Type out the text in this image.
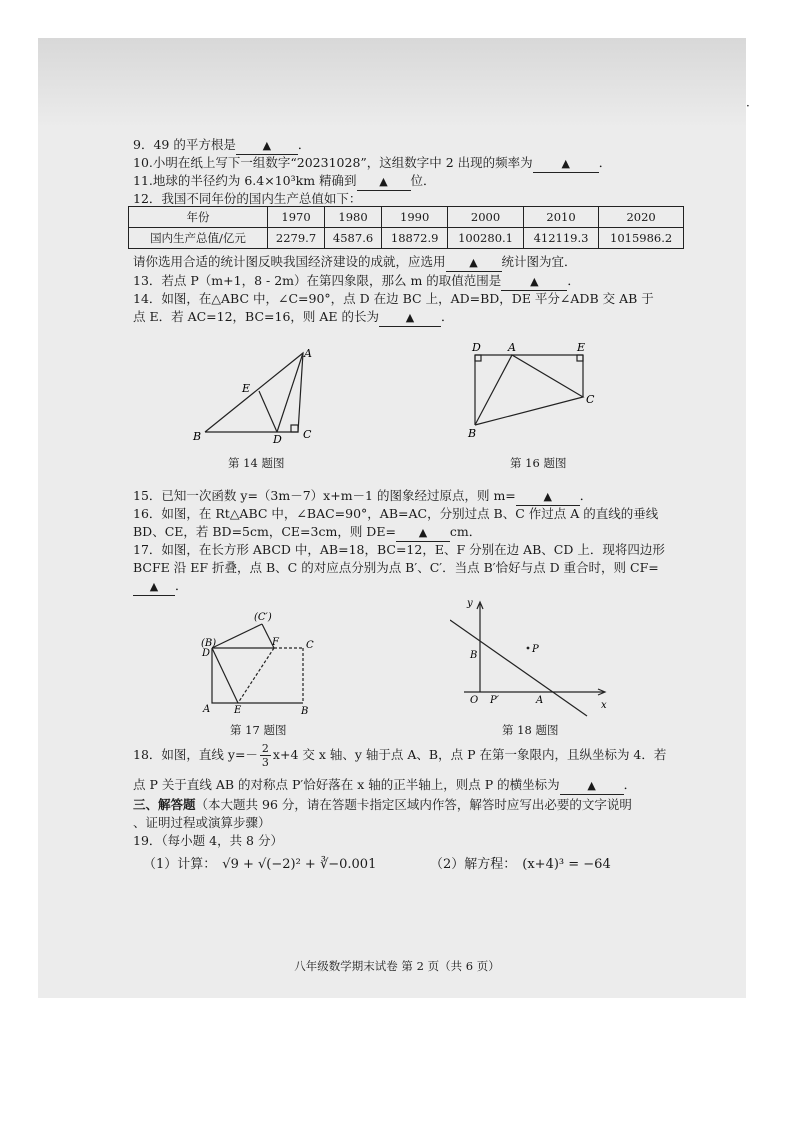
·
9．49 的平方根是 ▲ ．
10.小明在纸上写下一组数字“20231028”，这组数字中 2 出现的频率为	▲ ．
11.地球的半径约为 6.4×10³km 精确到 ▲ 位．
12．我国不同年份的国内生产总值如下：
年份	1970	1980	1990	2000	2010	2020
国内生产总值/亿元	2279.7	4587.6	18872.9	100280.1	412119.3	1015986.2
请你选用合适的统计图反映我国经济建设的成就，应选用 ▲ 统计图为宜．
13．若点 P（m+1，8 - 2m）在第四象限，那么 m 的取值范围是	▲ ．
14．如图，在△ABC 中，∠C=90°，点 D 在边 BC 上，AD=BD，DE 平分∠ADB 交 AB 于
点 E．若 AC=12，BC=16，则 AE 的长为 ▲ ．
A
B	C
D
E
第 14 题图
D A	E
C
B
第 16 题图
15．已知一次函数 y=（3m－7）x+m－1 的图象经过原点，则 m=	▲ ．
16．如图，在 Rt△ABC 中，∠BAC=90°，AB=AC，分别过点 B、C 作过点 A 的直线的垂线
BD、CE，若 BD=5cm，CE=3cm，则 DE= ▲ cm．
17．如图，在长方形 ABCD 中，AB=18，BC=12，E、F 分别在边 AB、CD 上．现将四边形
BCFE 沿 EF 折叠，点 B、C 的对应点分别为点 B′、C′．当点 B′恰好与点 D 重合时，则 CF=
▲ ．
(B)
D
(C′)
F	C
A E	B
第 17 题图
y
x
O P′	A
B
P
第 18 题图
18．如图，直线 $y=- \frac{2}{3} x+4$ 交 x 轴、y 轴于点 A、B，点 P 在第一象限内，且纵坐标为 4．若
点 P 关于直线 AB 的对称点 P′恰好落在 x 轴的正半轴上，则点 P 的横坐标为	▲ ．
三、解答题（本大题共 96 分，请在答题卡指定区域内作答，解答时应写出必要的文字说明
、证明过程或演算步骤）
19．（每小题 4，共 8 分）
（1）计算： √9 + √(−2)² + ∛−0.001	（2）解方程： (x+4)³ = −64
八年级数学期末试卷 第 2 页（共 6 页）
